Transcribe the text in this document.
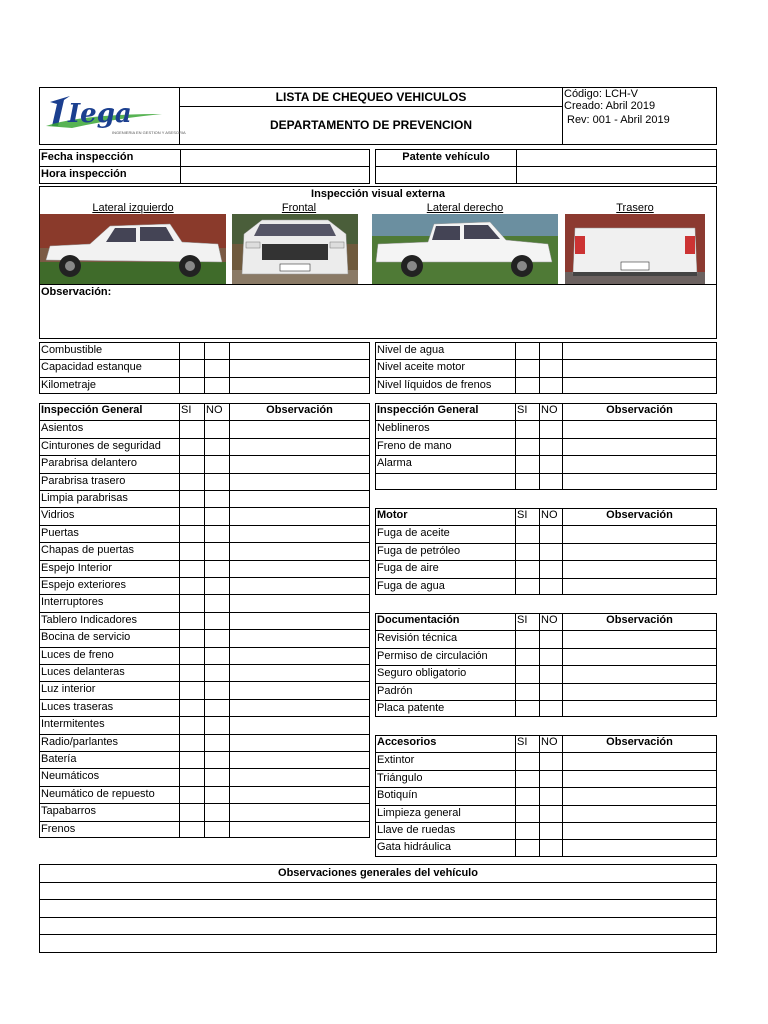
Iega
INGENIERIA EN GESTION Y ASESORIA
LISTA DE CHEQUEO VEHICULOS
DEPARTAMENTO DE PREVENCION
Código: LCH-V
Creado: Abril 2019
Rev: 001 - Abril 2019
Fecha inspección
Hora inspección
Patente vehículo
Inspección visual externa
Lateral izquierdo	Frontal	Lateral derecho	Trasero
Observación:
Combustible
Capacidad estanque
Kilometraje
Nivel de agua
Nivel aceite motor
Nivel líquidos de frenos
Inspección General	SI NO	Observación
Asientos
Cinturones de seguridad
Parabrisa delantero
Parabrisa trasero
Limpia parabrisas
Vidrios
Puertas
Chapas de puertas
Espejo Interior
Espejo exteriores
Interruptores
Tablero Indicadores
Bocina de servicio
Luces de freno
Luces delanteras
Luz interior
Luces traseras
Intermitentes
Radio/parlantes
Batería
Neumáticos
Neumático de repuesto
Tapabarros
Frenos
Inspección General	SI NO	Observación
Neblineros
Freno de mano
Alarma
Motor	SI NO	Observación
Fuga de aceite
Fuga de petróleo
Fuga de aire
Fuga de agua
Documentación	SI NO	Observación
Revisión técnica
Permiso de circulación
Seguro obligatorio
Padrón
Placa patente
Accesorios	SI NO	Observación
Extintor
Triángulo
Botiquín
Limpieza general
Llave de ruedas
Gata hidráulica
Observaciones generales del vehículo
